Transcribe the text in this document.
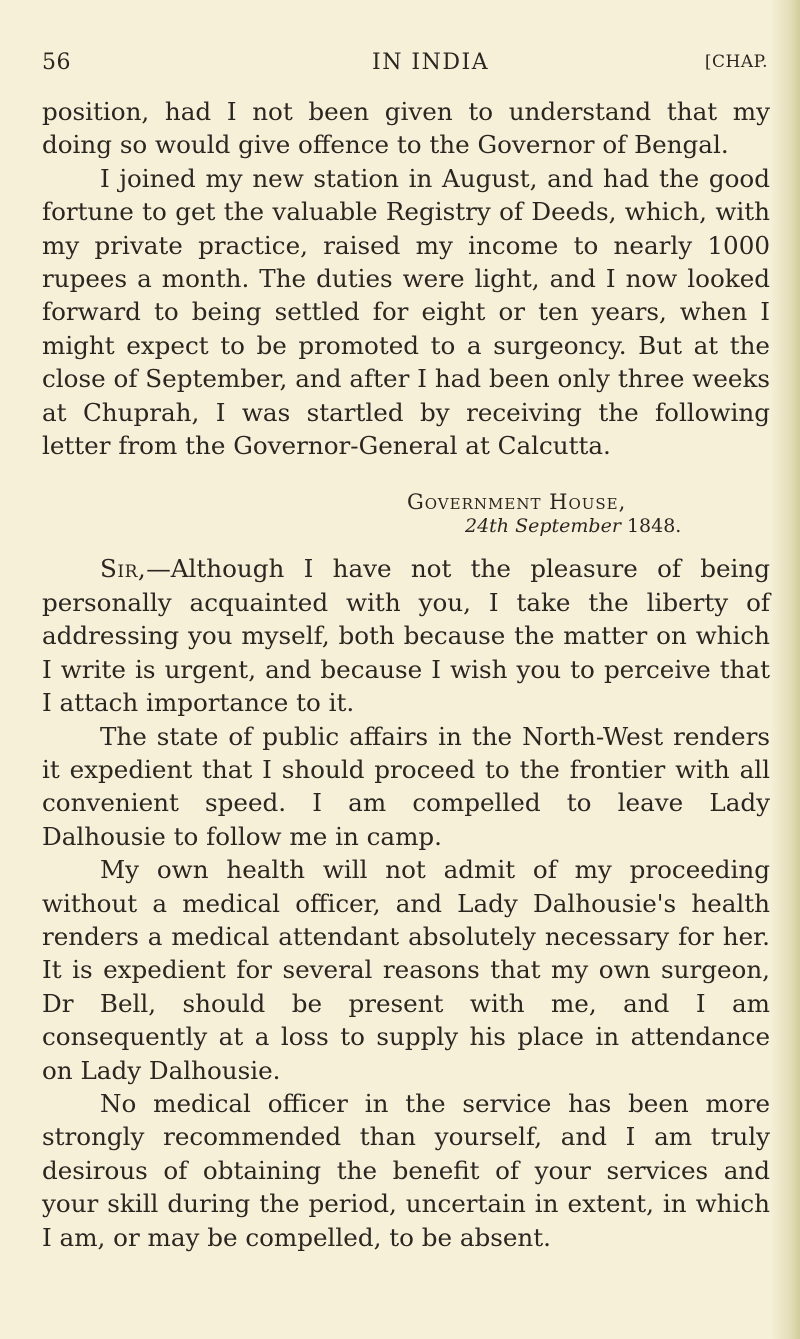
56	IN INDIA	[CHAP.

position, had I not been given to understand that my doing so would give offence to the Governor of Bengal.

I joined my new station in August, and had the good fortune to get the valuable Registry of Deeds, which, with my private practice, raised my income to nearly 1000 rupees a month. The duties were light, and I now looked forward to being settled for eight or ten years, when I might expect to be promoted to a surgeoncy. But at the close of September, and after I had been only three weeks at Chuprah, I was startled by receiving the following letter from the Governor-General at Calcutta.

Government House,
24th September 1848.

Sir,—Although I have not the pleasure of being personally acquainted with you, I take the liberty of addressing you myself, both because the matter on which I write is urgent, and because I wish you to perceive that I attach importance to it.

The state of public affairs in the North-West renders it expedient that I should proceed to the frontier with all convenient speed. I am compelled to leave Lady Dalhousie to follow me in camp.

My own health will not admit of my proceeding without a medical officer, and Lady Dalhousie's health renders a medical attendant absolutely necessary for her. It is expedient for several reasons that my own surgeon, Dr Bell, should be present with me, and I am consequently at a loss to supply his place in attendance on Lady Dalhousie.

No medical officer in the service has been more strongly recommended than yourself, and I am truly desirous of obtaining the benefit of your services and your skill during the period, uncertain in extent, in which I am, or may be compelled, to be absent.
